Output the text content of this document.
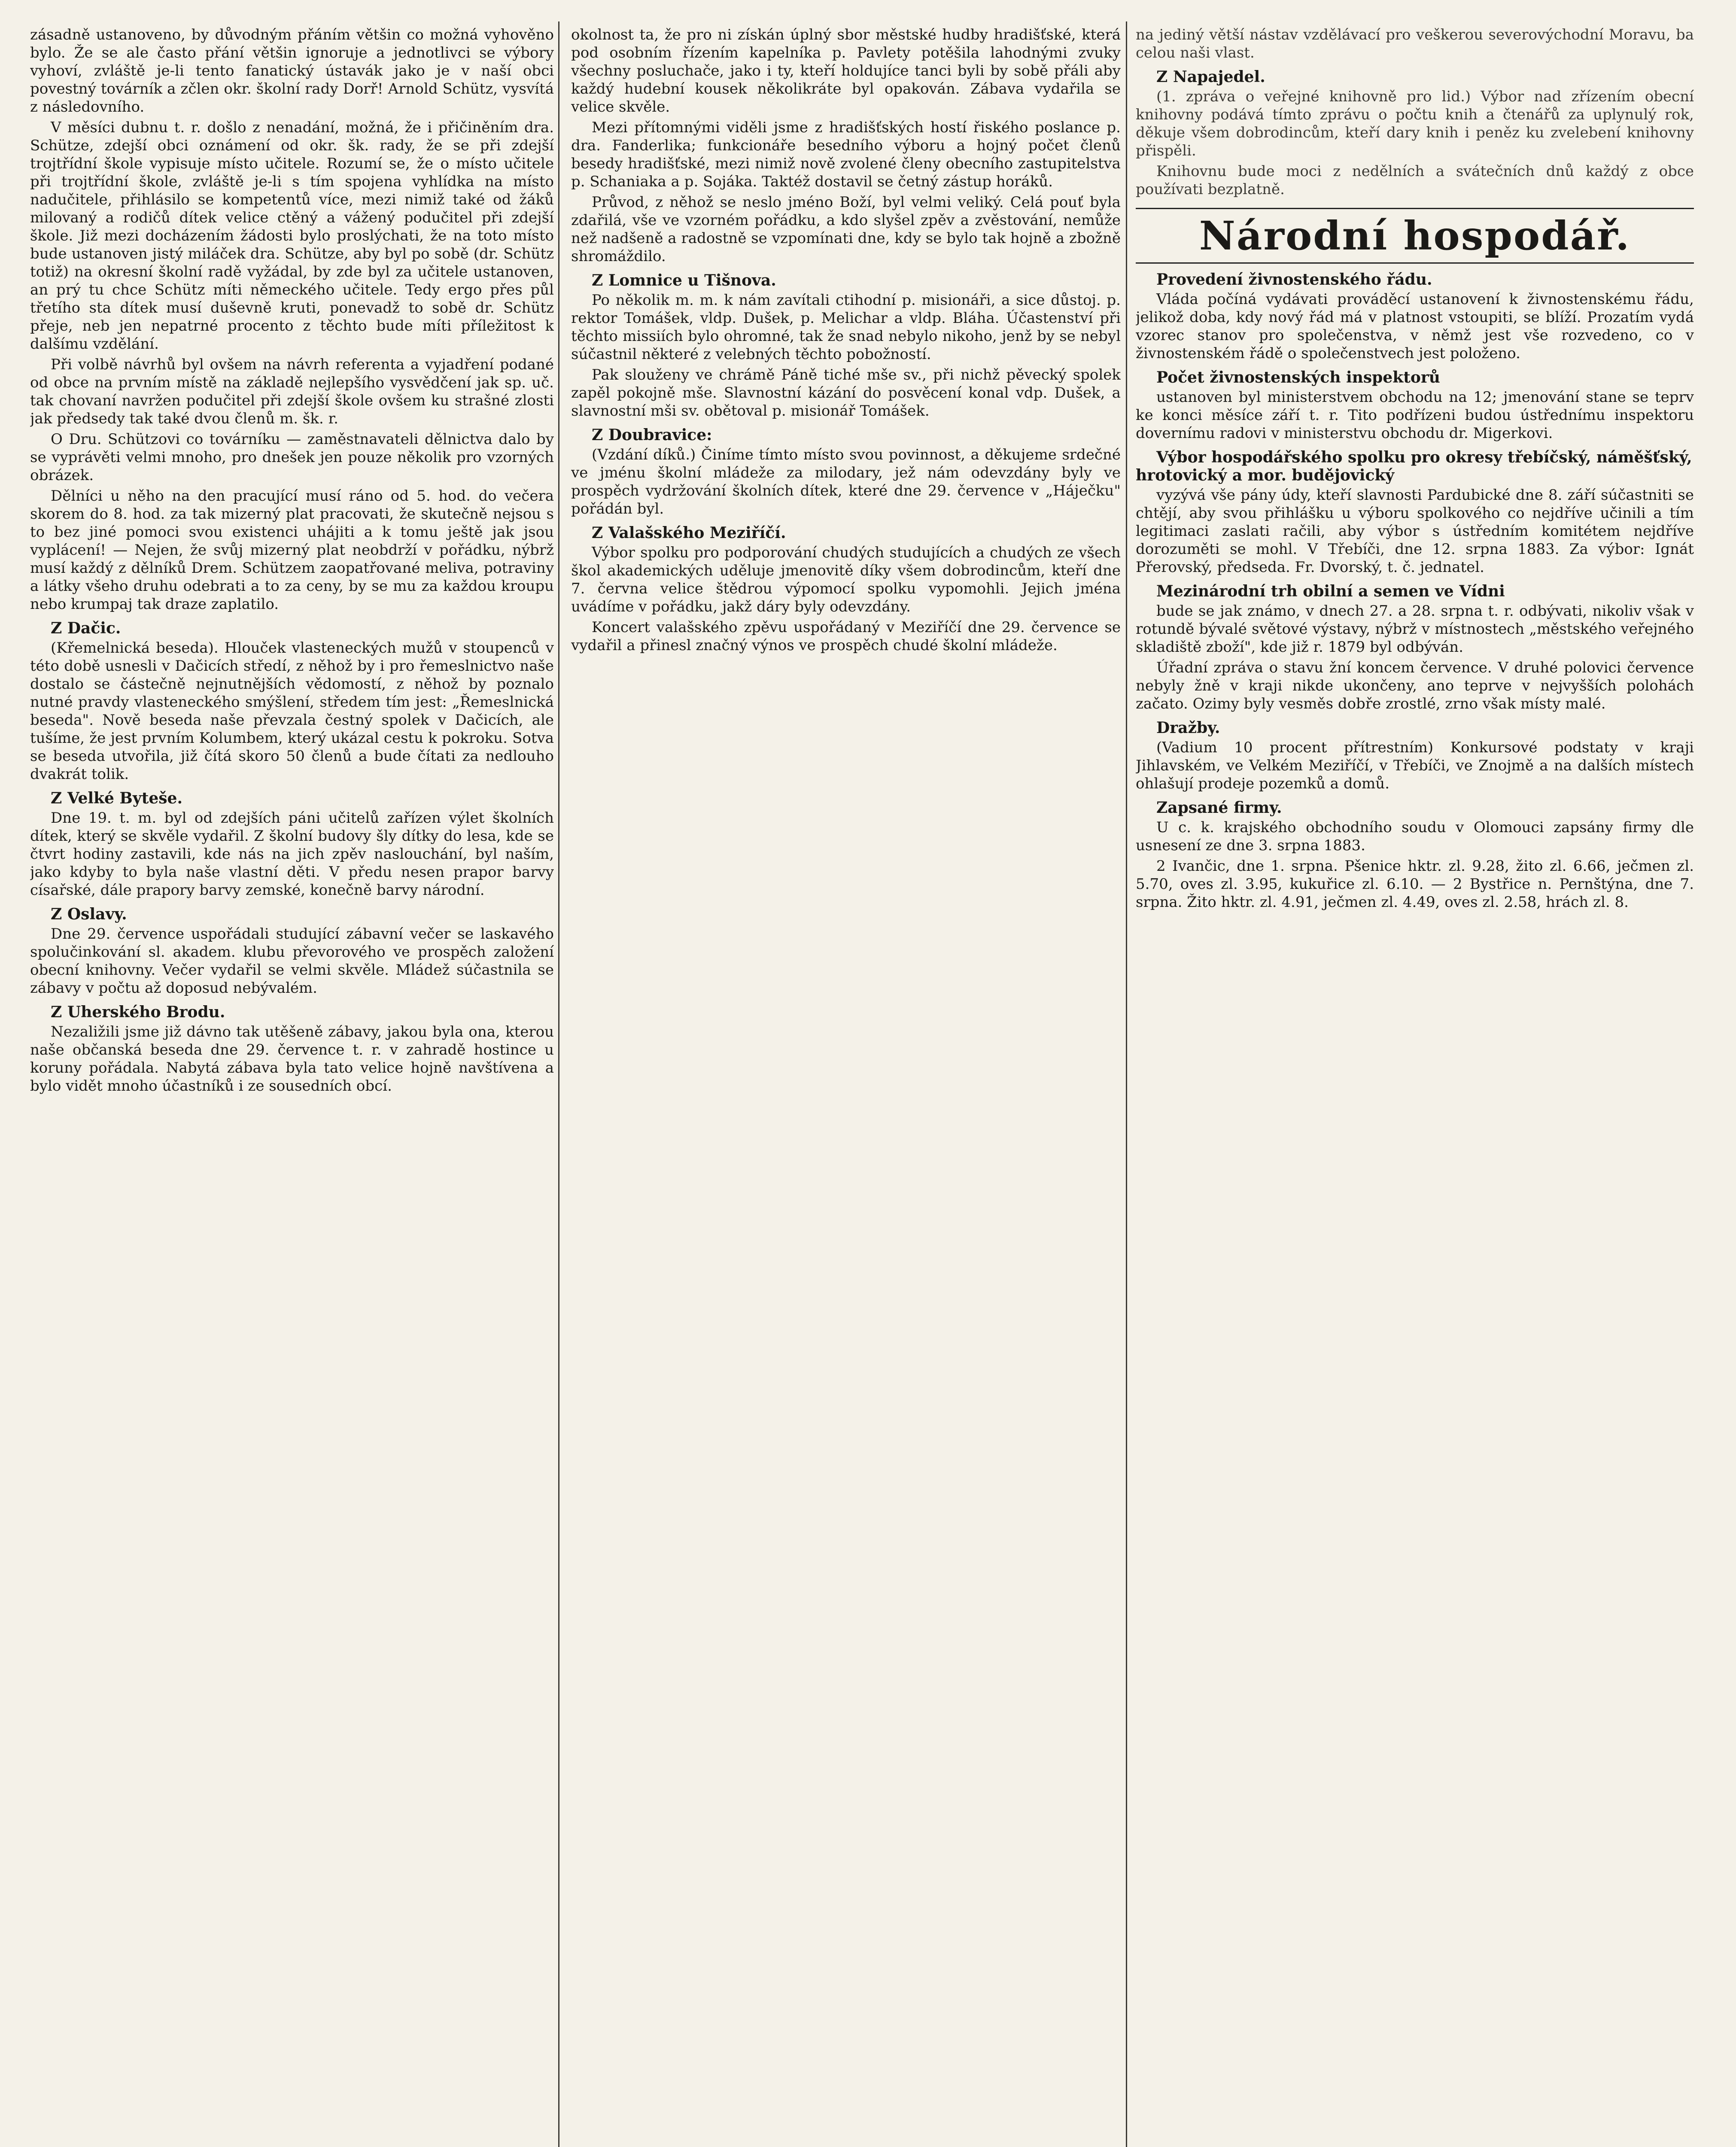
zásadně ustanoveno, by důvodným přáním většin co možná vyhověno bylo. Že se ale často přání většin ignoruje a jednotlivci se výbory vyhoví, zvláště je-li tento fanatický ústavák jako je v naší obci povestný továrník a zčlen okr. školní rady Dorř! Arnold Schütz, vysvítá z následovního.

V měsíci dubnu t. r. došlo z nenadání, možná, že i přičiněním dra. Schütze, zdejší obci oznámení od okr. šk. rady, že se při zdejší trojtřídní škole vypisuje místo učitele. Rozumí se, že o místo učitele při trojtřídní škole, zvláště je-li s tím spojena vyhlídka na místo nadučitele, přihlásilo se kompetentů více, mezi nimiž také od žáků milovaný a rodičů dítek velice ctěný a vážený podučitel při zdejší škole. Již mezi docházením žádosti bylo proslýchati, že na toto místo bude ustanoven jistý miláček dra. Schütze, aby byl po sobě (dr. Schütz totiž) na okresní školní radě vyžádal, by zde byl za učitele ustanoven, an prý tu chce Schütz míti německého učitele. Tedy ergo přes půl třetího sta dítek musí duševně kruti, ponevadž to sobě dr. Schütz přeje, neb jen nepatrné procento z těchto bude míti příležitost k dalšímu vzdělání.

Při volbě návrhů byl ovšem na návrh referenta a vyjadření podané od obce na prvním místě na základě nejlepšího vysvědčení jak sp. uč. tak chovaní navržen podučitel při zdejší škole ovšem ku strašné zlosti jak předsedy tak také dvou členů m. šk. r.

O Dru. Schützovi co továrníku — zaměstnavateli dělnictva dalo by se vyprávěti velmi mnoho, pro dnešek jen pouze několik pro vzorných obrázek.

Dělníci u něho na den pracující musí ráno od 5. hod. do večera skorem do 8. hod. za tak mizerný plat pracovati, že skutečně nejsou s to bez jiné pomoci svou existenci uhájiti a k tomu ještě jak jsou vyplácení! — Nejen, že svůj mizerný plat neobdrží v pořádku, nýbrž musí každý z dělníků Drem. Schützem zaopatřované meliva, potraviny a látky všeho druhu odebrati a to za ceny, by se mu za každou kroupu nebo krumpaj tak draze zaplatilo.

Z Dačic.

(Křemelnická beseda). Hlouček vlasteneckých mužů v stoupenců v této době usnesli v Dačicích středí, z něhož by i pro řemeslnictvo naše dostalo se částečně nejnutnějších vědomostí, z něhož by poznalo nutné pravdy vlasteneckého smýšlení, středem tím jest: „Řemeslnická beseda". Nově beseda naše převzala čestný spolek v Dačicích, ale tušíme, že jest prvním Kolumbem, který ukázal cestu k pokroku. Sotva se beseda utvořila, již čítá skoro 50 členů a bude čítati za nedlouho dvakrát tolik.

Z Velké Bytеše.

Dne 19. t. m. byl od zdejších páni učitelů zařízen výlet školních dítek, který se skvěle vydařil. Z školní budovy šly dítky do lesa, kde se čtvrt hodiny zastavili, kde nás na jich zpěv naslouchání, byl naším, jako kdyby to byla naše vlastní děti. V předu nesen prapor barvy císařské, dále prapory barvy zemské, konečně barvy národní.

Z Oslavy.

Dne 29. července uspořádali studující zábavní večer se laskavého spolučinkování sl. akadem. klubu převorového ve prospěch založení obecní knihovny. Večer vydařil se velmi skvěle. Mládež súčastnila se zábavy v počtu až doposud nebývalém.

Z Uherského Brodu.

Nezaližili jsme již dávno tak utěšeně zábavy, jakou byla ona, kterou naše občanská beseda dne 29. července t. r. v zahradě hostince u koruny pořádala. Nabytá zábava byla tato velice hojně navštívena a bylo vidět mnoho účastníků i ze sousedních obcí.

okolnost ta, že pro ni získán úplný sbor městské hudby hradišťské, která pod osobním řízením kapelníka p. Pavlety potěšila lahodnými zvuky všechny posluchače, jako i ty, kteří holdujíce tanci byli by sobě přáli aby každý hudební kousek několikráte byl opakován. Zábava vydařila se velice skvěle.

Mezi přítomnými viděli jsme z hradišťských hostí řiského poslance p. dra. Fanderlika; funkcionáře besedního výboru a hojný počet členů besedy hradišťské, mezi nimiž nově zvolené členy obecního zastupitelstva p. Schaniaka a p. Sojáka. Taktéž dostavil se četný zástup horáků.

Průvod, z něhož se neslo jméno Boží, byl velmi veliký. Celá pouť byla zdařilá, vše ve vzorném pořádku, a kdo slyšel zpěv a zvěstování, nemůže než nadšeně a radostně se vzpomínati dne, kdy se bylo tak hojně a zbožně shromáždilo.

Z Lomnice u Tišnova.

Po několik m. m. k nám zavítali ctihodní p. misionáři, a sice důstoj. p. rektor Tomášek, vldp. Dušek, p. Melichar a vldp. Bláha. Účastenství při těchto missiích bylo ohromné, tak že snad nebylo nikoho, jenž by se nebyl súčastnil některé z velebných těchto pobožností.

Pak slouženy ve chrámě Páně tiché mše sv., při nichž pěvecký spolek zapěl pokojně mše. Slavnostní kázání do posvěcení konal vdp. Dušek, a slavnostní mši sv. obětoval p. misionář Tomášek.

Z Doubravice:

(Vzdání díků.) Činíme tímto místo svou povinnost, a děkujeme srdečné ve jménu školní mládeže za milodary, jež nám odevzdány byly ve prospěch vydržování školních dítek, které dne 29. července v „Háječku" pořádán byl.

Z Valašského Meziříčí.

Výbor spolku pro podporování chudých studujících a chudých ze všech škol akademických uděluje jmenovitě díky všem dobrodincům, kteří dne 7. června velice štědrou výpomocí spolku vypomohli. Jejich jména uvádíme v pořádku, jakž dáry byly odevzdány.

Koncert valašského zpěvu uspořádaný v Meziříčí dne 29. července se vydařil a přinesl značný výnos ve prospěch chudé školní mládeže.

na jediný větší nástav vzdělávací pro veškerou severovýchodní Moravu, ba celou naši vlast.

Z Napajedel.

(1. zpráva o veřejné knihovně pro lid.) Výbor nad zřízením obecní knihovny podává tímto zprávu o počtu knih a čtenářů za uplynulý rok, děkuje všem dobrodincům, kteří dary knih i peněz ku zvelebení knihovny přispěli.

Knihovnu bude moci z nedělních a svátečních dnů každý z obce používati bezplatně.

Národní hospodář.
Provedení živnostenského řádu.

Vláda počíná vydávati prováděcí ustanovení k živnostenskému řádu, jelikož doba, kdy nový řád má v platnost vstoupiti, se blíží. Prozatím vydá vzorec stanov pro společenstva, v němž jest vše rozvedeno, co v živnostenském řádě o společenstvech jest položeno.

Počet živnostenských inspektorů

ustanoven byl ministerstvem obchodu na 12; jmenování stane se teprv ke konci měsíce září t. r. Tito podřízeni budou ústřednímu inspektoru dovernímu radovi v ministerstvu obchodu dr. Migerkovi.

Výbor hospodářského spolku pro okresy třebíčský, náměšťský, hrotovický a mor. budějovický

vyzývá vše pány údy, kteří slavnosti Pardubické dne 8. září súčastniti se chtějí, aby svou přihlášku u výboru spolkového co nejdříve učinili a tím legitimaci zaslati račili, aby výbor s ústředním komitétem nejdříve dorozuměti se mohl. V Třebíči, dne 12. srpna 1883. Za výbor: Ignát Přerovský, předseda. Fr. Dvorský, t. č. jednatel.

Mezinárodní trh obilní a semen ve Vídni

bude se jak známo, v dnech 27. a 28. srpna t. r. odbývati, nikoliv však v rotundě bývalé světové výstavy, nýbrž v místnostech „městského veřejného skladiště zboží", kde již r. 1879 byl odbýván.

Úřadní zpráva o stavu žní koncem července. V druhé polovici července nebyly žně v kraji nikde ukončeny, ano teprve v nejvyšších polohách začato. Ozimy byly vesměs dobře zrostlé, zrno však místy malé.

Dražby.

(Vadium 10 procent přítrestním) Konkursové podstaty v kraji Jihlavském, ve Velkém Meziříčí, v Třebíči, ve Znojmě a na dalších místech ohlašují prodeje pozemků a domů.

Zapsané firmy.

U c. k. krajského obchodního soudu v Olomouci zapsány firmy dle usnesení ze dne 3. srpna 1883.

2 Ivančic, dne 1. srpna. Pšenice hktr. zl. 9.28, žito zl. 6.66, ječmen zl. 5.70, oves zl. 3.95, kukuřice zl. 6.10. — 2 Bystřice n. Pernštýna, dne 7. srpna. Žito hktr. zl. 4.91, ječmen zl. 4.49, oves zl. 2.58, hrách zl. 8.
